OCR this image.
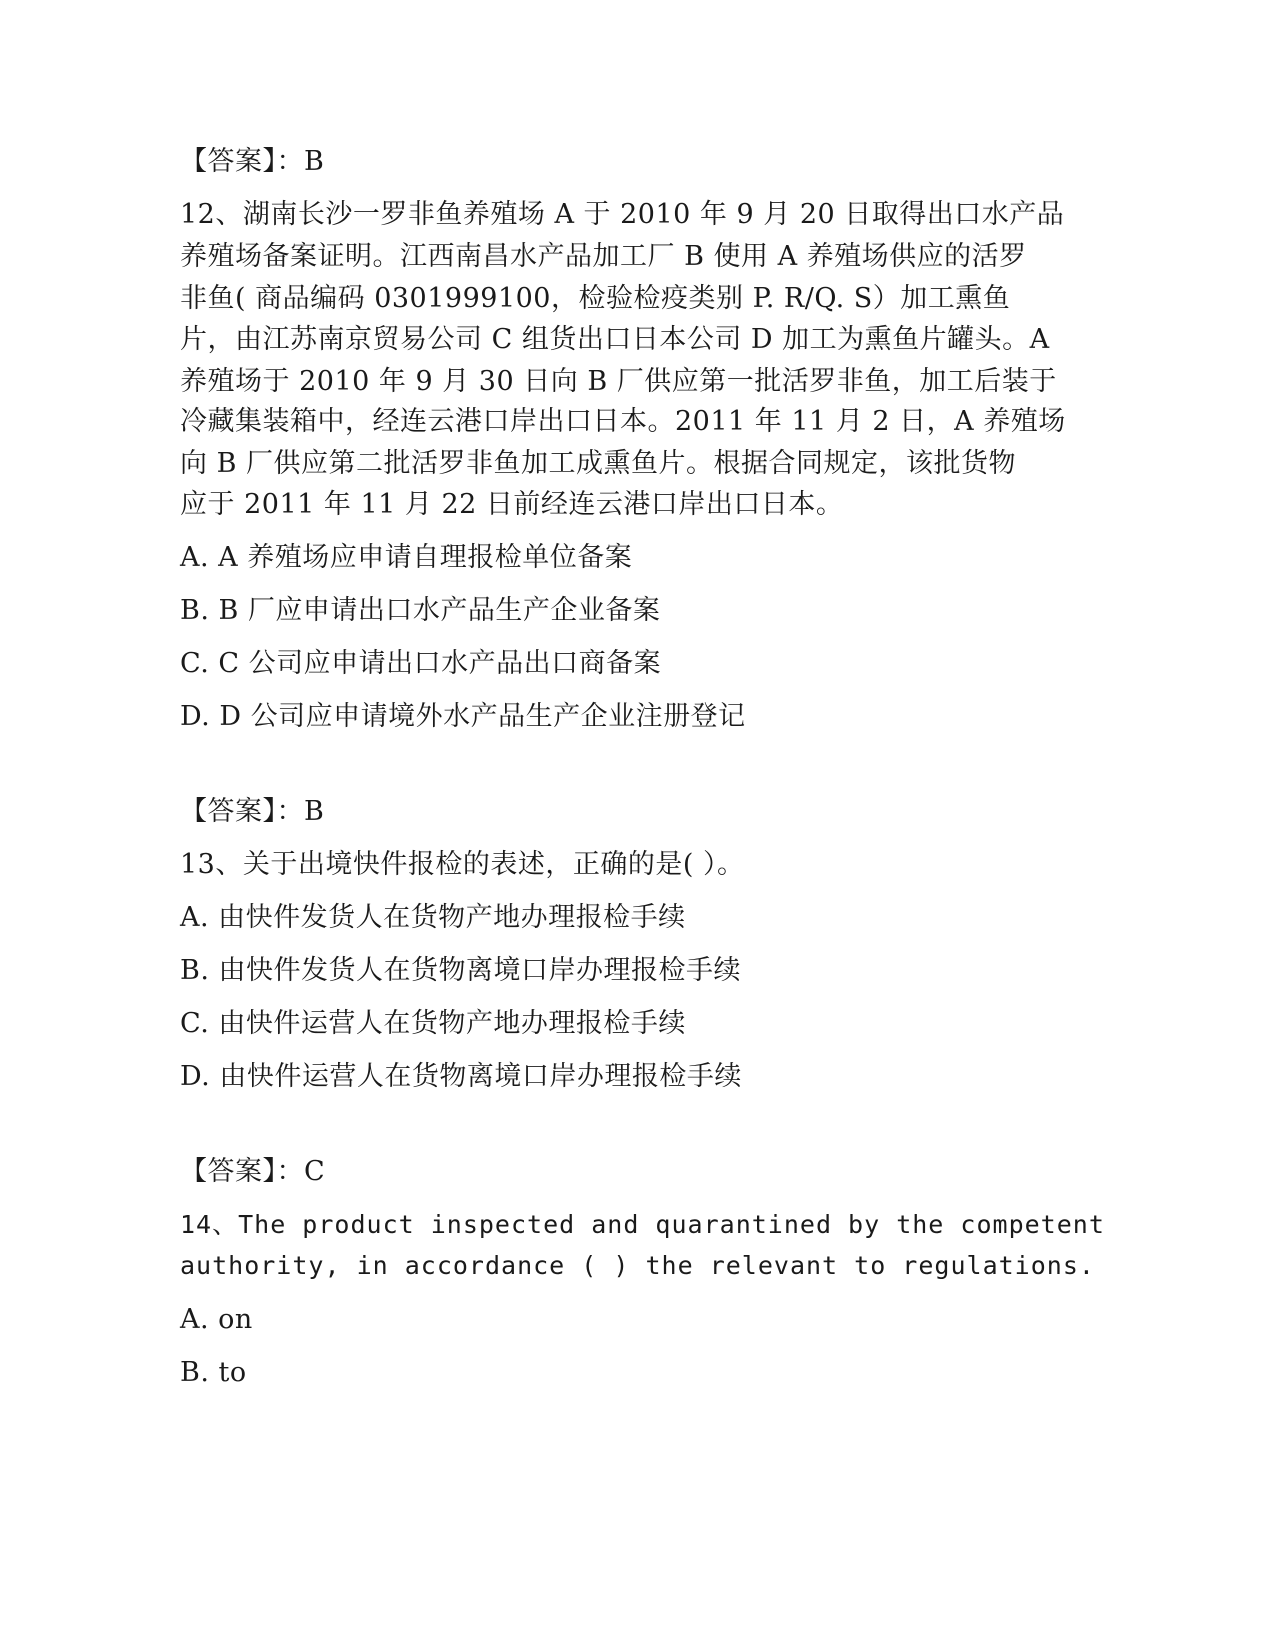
【答案】：B
12、湖南长沙一罗非鱼养殖场 A 于 2010 年 9 月 20 日取得出口水产品
养殖场备案证明。江西南昌水产品加工厂 B 使用 A 养殖场供应的活罗
非鱼( 商品编码 0301999100，检验检疫类别 P. R/Q. S）加工熏鱼
片，由江苏南京贸易公司 C 组货出口日本公司 D 加工为熏鱼片罐头。A
养殖场于 2010 年 9 月 30 日向 B 厂供应第一批活罗非鱼，加工后装于
冷藏集装箱中，经连云港口岸出口日本。2011 年 11 月 2 日，A 养殖场
向 B 厂供应第二批活罗非鱼加工成熏鱼片。根据合同规定，该批货物
应于 2011 年 11 月 22 日前经连云港口岸出口日本。
A. A 养殖场应申请自理报检单位备案
B. B 厂应申请出口水产品生产企业备案
C. C 公司应申请出口水产品出口商备案
D. D 公司应申请境外水产品生产企业注册登记
【答案】：B
13、关于出境快件报检的表述，正确的是( ）。
A. 由快件发货人在货物产地办理报检手续
B. 由快件发货人在货物离境口岸办理报检手续
C. 由快件运营人在货物产地办理报检手续
D. 由快件运营人在货物离境口岸办理报检手续
【答案】：C
14、The product inspected and quarantined by the competent
authority, in accordance ( ) the relevant to regulations.
A. on
B. to
